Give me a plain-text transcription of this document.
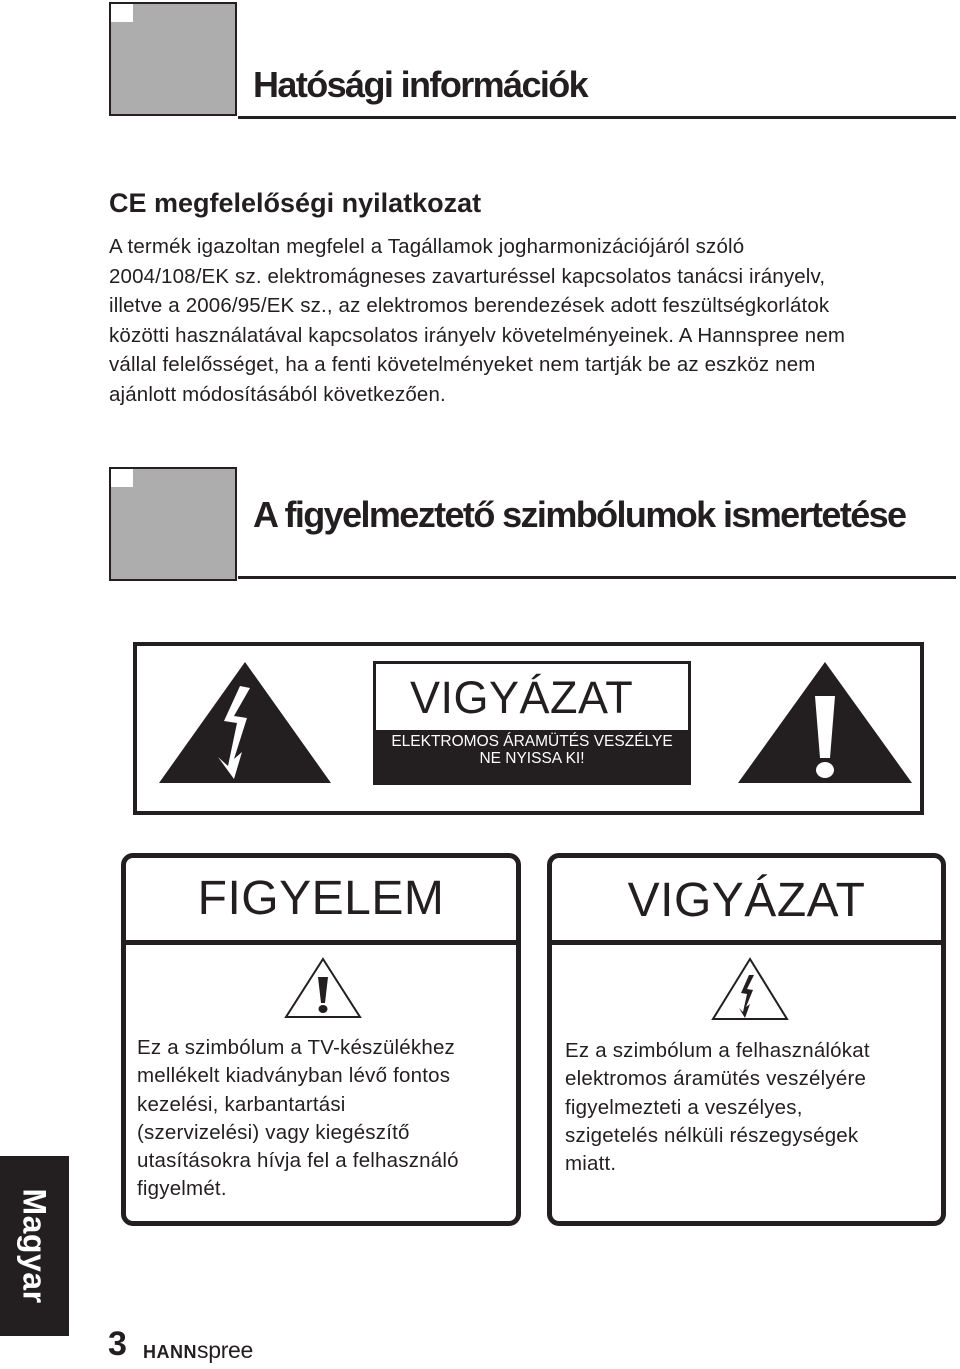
Hatósági információk
CE megfelelőségi nyilatkozat
A termék igazoltan megfelel a Tagállamok jogharmonizációjáról szóló
2004/108/EK sz. elektromágneses zavarturéssel kapcsolatos tanácsi irányelv,
illetve a 2006/95/EK sz., az elektromos berendezések adott feszültségkorlátok
közötti használatával kapcsolatos irányelv követelményeinek. A Hannspree nem
vállal felelősséget, ha a fenti követelményeket nem tartják be az eszköz nem
ajánlott módosításából következően.
A figyelmeztető szimbólumok ismertetése
VIGYÁZAT
ELEKTROMOS ÁRAMÜTÉS VESZÉLYE
NE NYISSA KI!
FIGYELEM
Ez a szimbólum a TV-készülékhez
mellékelt kiadványban lévő fontos
kezelési, karbantartási
(szervizelési) vagy kiegészítő
utasításokra hívja fel a felhasználó
figyelmét.
VIGYÁZAT
Ez a szimbólum a felhasználókat
elektromos áramütés veszélyére
figyelmezteti a veszélyes,
szigetelés nélküli részegységek
miatt.
Magyar
3 HANNspree
